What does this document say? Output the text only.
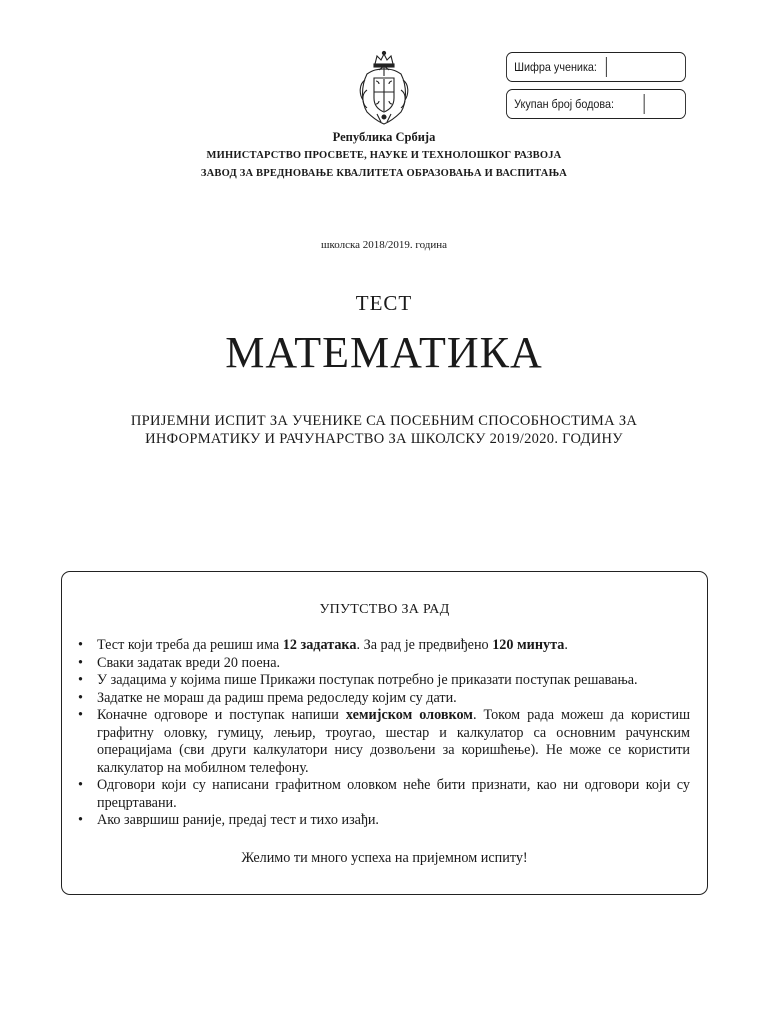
Шифра ученика:
Укупан број бодова:

Република Србија

МИНИСТАРСТВО ПРОСВЕТЕ, НАУКЕ И ТЕХНОЛОШКОГ РАЗВОЈА

ЗАВОД ЗА ВРЕДНОВАЊЕ КВАЛИТЕТА ОБРАЗОВАЊА И ВАСПИТАЊА

школска 2018/2019. година

ТЕСТ
МАТЕМАТИКА

ПРИЈЕМНИ ИСПИТ ЗА УЧЕНИКЕ СА ПОСЕБНИМ СПОСОБНОСТИМА ЗА

ИНФОРМАТИКУ И РАЧУНАРСТВО ЗА ШКОЛСКУ 2019/2020. ГОДИНУ

УПУТСТВО ЗА РАД
• Тест који треба да решиш има 12 задатака. За рад је предвиђено 120 минута.
• Сваки задатак вреди 20 поена.
• У задацима у којима пише Прикажи поступак потребно је приказати поступак решавања.
• Задатке не мораш да радиш према редоследу којим су дати.
• Коначне одговоре и поступак напиши хемијском оловком. Током рада можеш да користиш графитну оловку, гумицу, лењир, троугао, шестар и калкулатор са основним рачунским операцијама (сви други калкулатори нису дозвољени за коришћење). Не може се користити калкулатор на мобилном телефону.
• Одговори који су написани графитном оловком неће бити признати, као ни одговори који су прецртавани.
• Ако завршиш раније, предај тест и тихо изађи.

Желимо ти много успеха на пријемном испиту!
